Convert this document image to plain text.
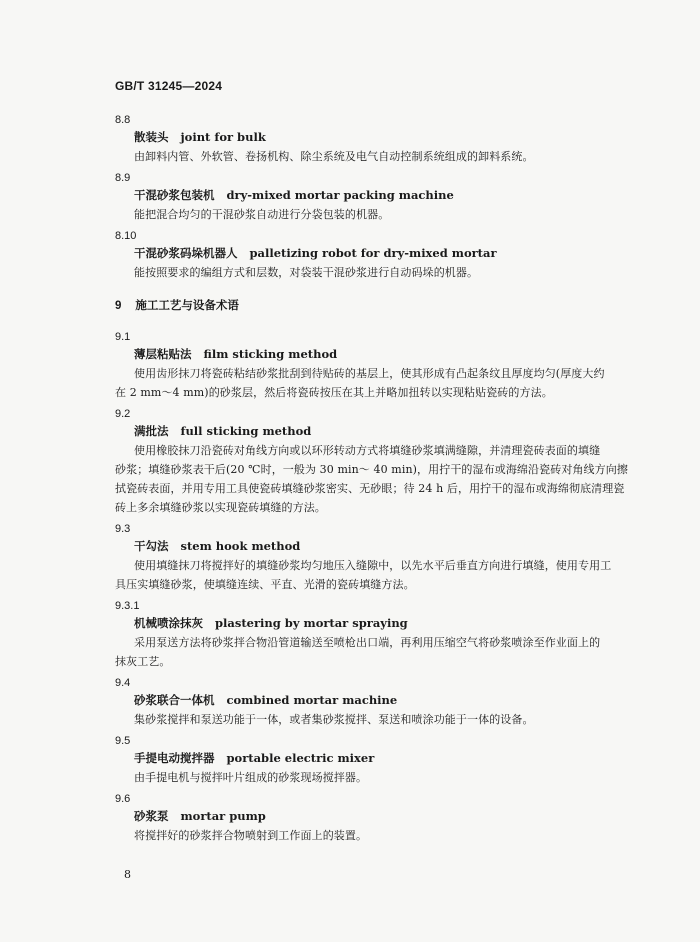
GB/T 31245—2024
8.8
散装头 joint for bulk
由卸料内管、外软管、卷扬机构、除尘系统及电气自动控制系统组成的卸料系统。
8.9
干混砂浆包装机 dry-mixed mortar packing machine
能把混合均匀的干混砂浆自动进行分袋包装的机器。
8.10
干混砂浆码垛机器人 palletizing robot for dry-mixed mortar
能按照要求的编组方式和层数，对袋装干混砂浆进行自动码垛的机器。
9 施工工艺与设备术语
9.1
薄层粘贴法 film sticking method
使用齿形抹刀将瓷砖粘结砂浆批刮到待贴砖的基层上，使其形成有凸起条纹且厚度均匀(厚度大约
在 2 mm～4 mm)的砂浆层，然后将瓷砖按压在其上并略加扭转以实现粘贴瓷砖的方法。
9.2
满批法 full sticking method
使用橡胶抹刀沿瓷砖对角线方向或以环形转动方式将填缝砂浆填满缝隙，并清理瓷砖表面的填缝
砂浆；填缝砂浆表干后(20 ℃时，一般为 30 min～ 40 min)，用拧干的湿布或海绵沿瓷砖对角线方向擦
拭瓷砖表面，并用专用工具使瓷砖填缝砂浆密实、无砂眼；待 24 h 后，用拧干的湿布或海绵彻底清理瓷
砖上多余填缝砂浆以实现瓷砖填缝的方法。
9.3
干勾法 stem hook method
使用填缝抹刀将搅拌好的填缝砂浆均匀地压入缝隙中，以先水平后垂直方向进行填缝，使用专用工
具压实填缝砂浆，使填缝连续、平直、光滑的瓷砖填缝方法。
9.3.1
机械喷涂抹灰 plastering by mortar spraying
采用泵送方法将砂浆拌合物沿管道输送至喷枪出口端，再利用压缩空气将砂浆喷涂至作业面上的
抹灰工艺。
9.4
砂浆联合一体机 combined mortar machine
集砂浆搅拌和泵送功能于一体，或者集砂浆搅拌、泵送和喷涂功能于一体的设备。
9.5
手提电动搅拌器 portable electric mixer
由手提电机与搅拌叶片组成的砂浆现场搅拌器。
9.6
砂浆泵 mortar pump
将搅拌好的砂浆拌合物喷射到工作面上的装置。
8
